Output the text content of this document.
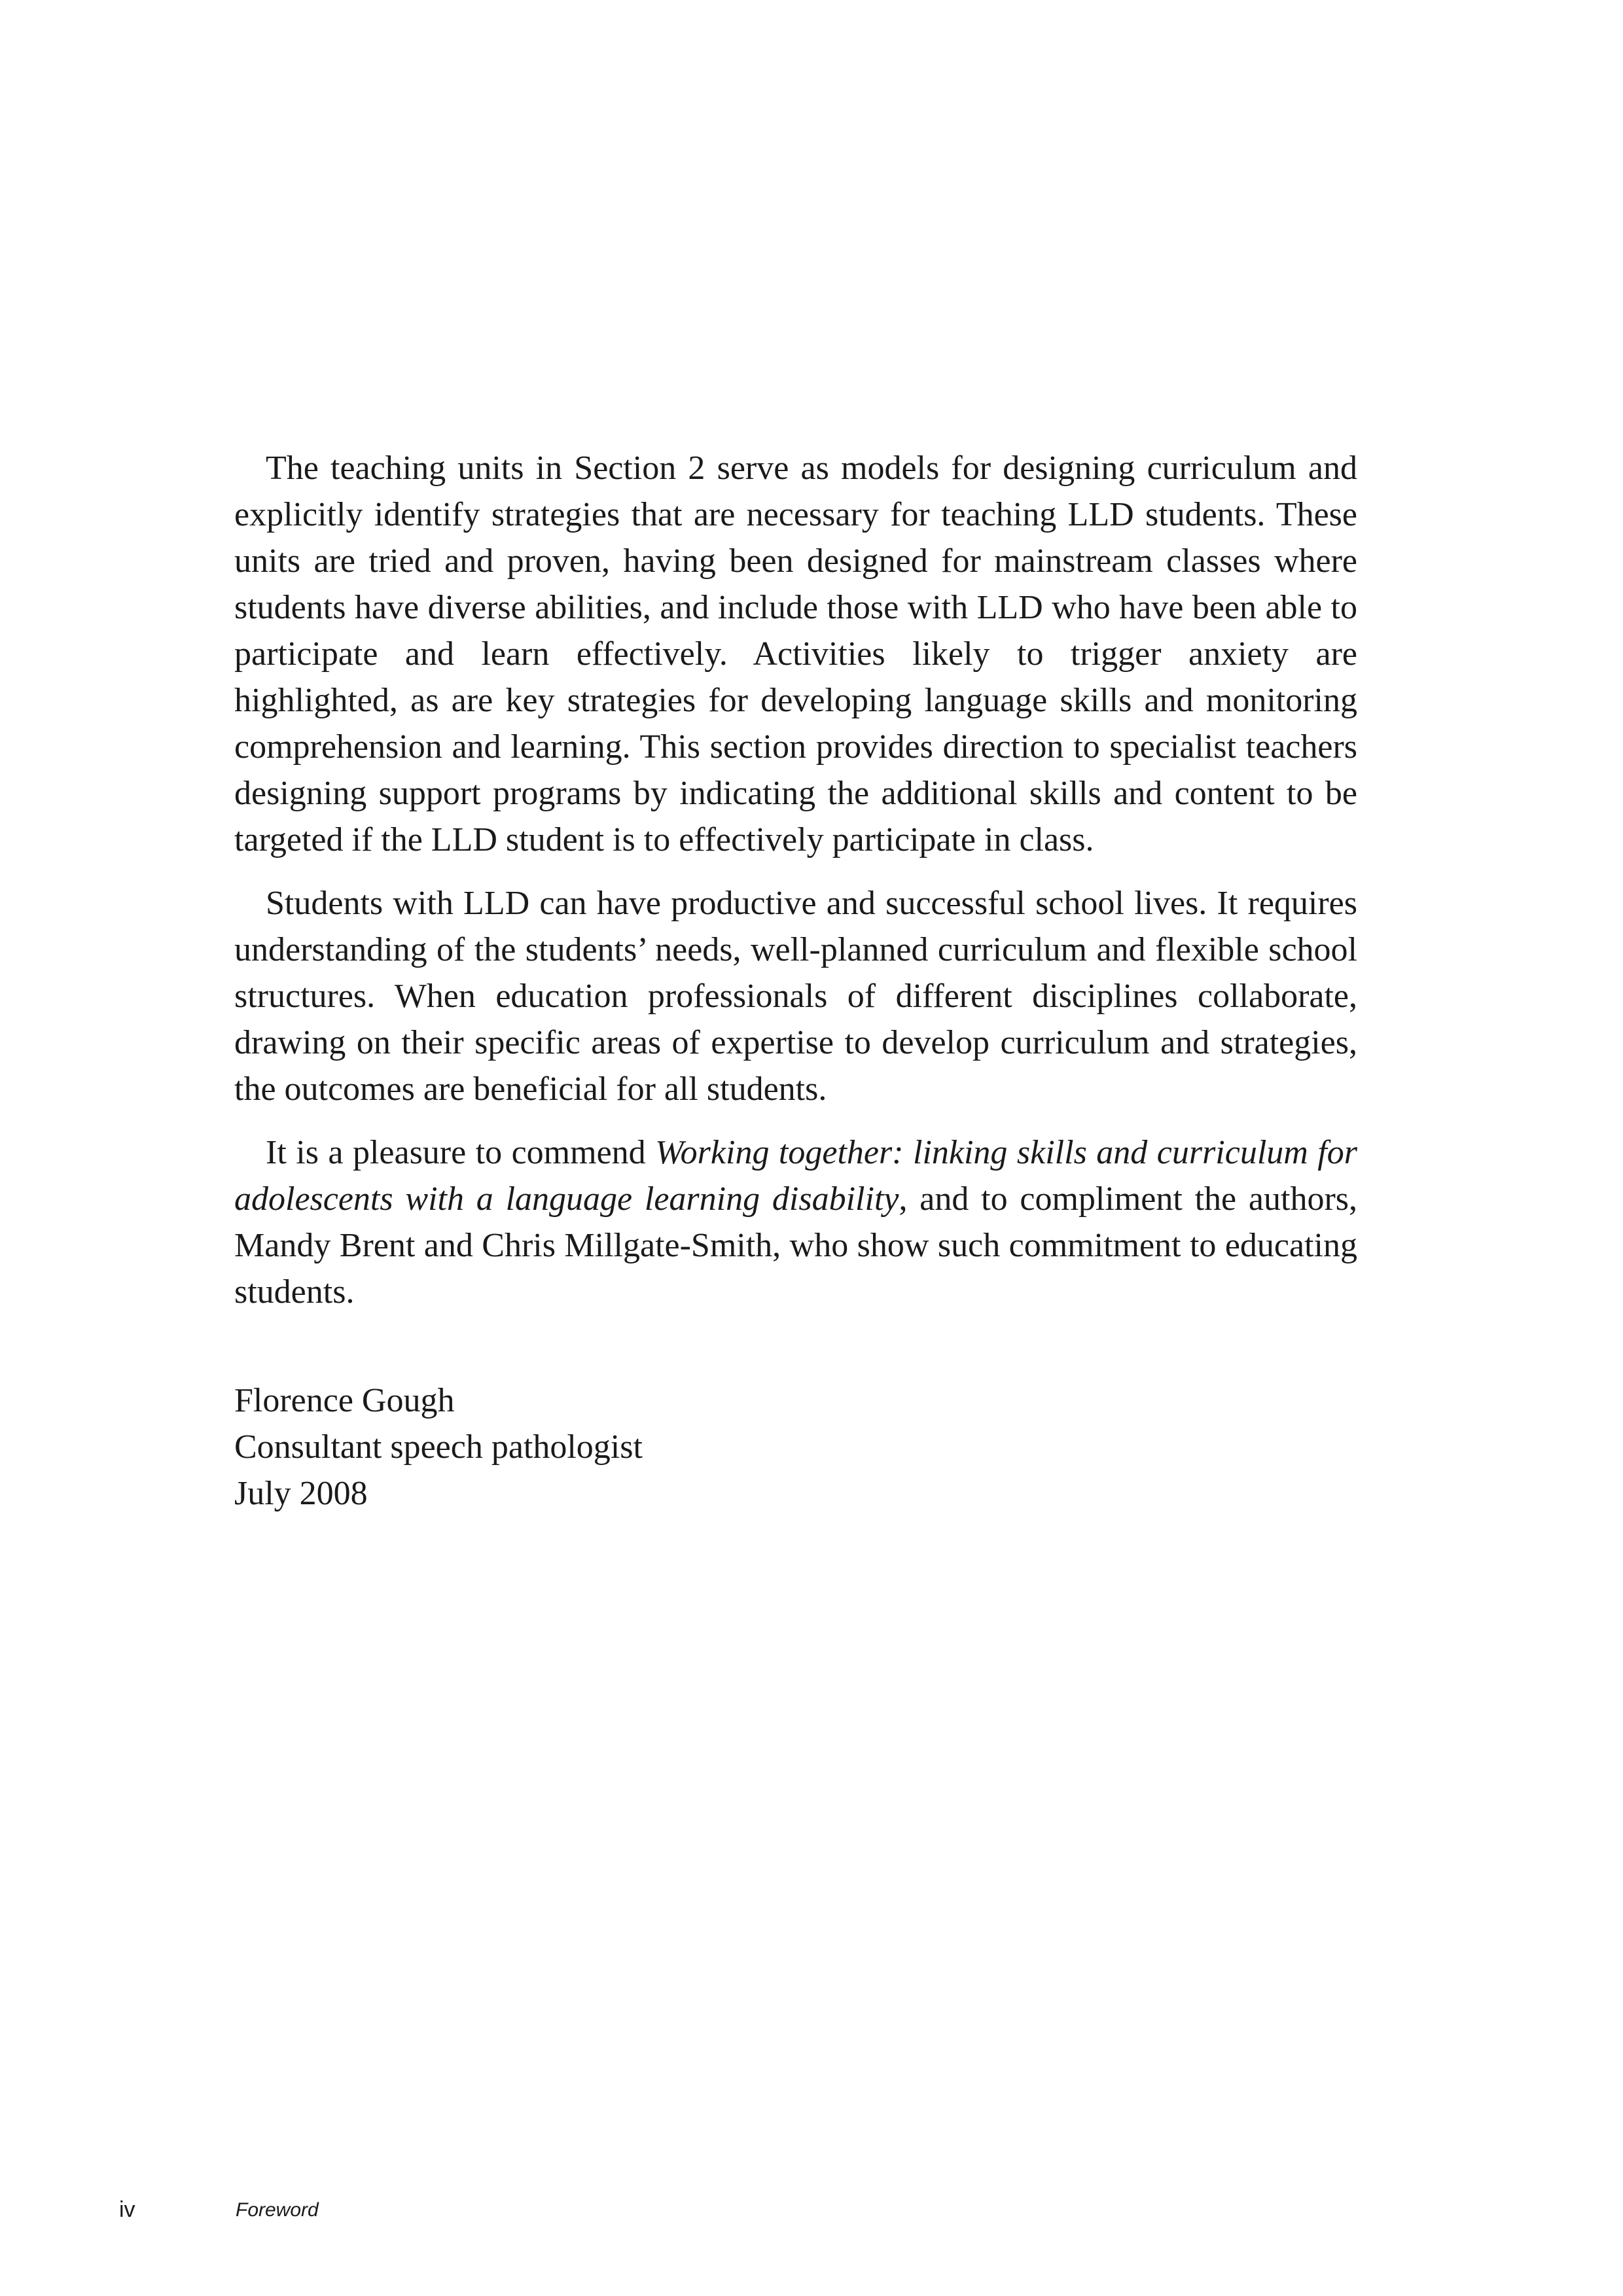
The teaching units in Section 2 serve as models for designing curriculum and explicitly identify strategies that are necessary for teaching LLD students. These units are tried and proven, having been designed for mainstream classes where students have diverse abilities, and include those with LLD who have been able to participate and learn effectively. Activities likely to trigger anxiety are highlighted, as are key strategies for developing language skills and monitoring comprehension and learning. This section provides direction to specialist teachers designing support programs by indicating the additional skills and content to be targeted if the LLD student is to effectively participate in class.

Students with LLD can have productive and successful school lives. It requires understanding of the students’ needs, well-planned curriculum and flexible school structures. When education professionals of different disciplines collaborate, drawing on their specific areas of expertise to develop curriculum and strategies, the outcomes are beneficial for all students.

It is a pleasure to commend Working together: linking skills and curriculum for adolescents with a language learning disability, and to compliment the authors, Mandy Brent and Chris Millgate-Smith, who show such commitment to educating students.

Florence Gough
Consultant speech pathologist
July 2008
iv	Foreword
